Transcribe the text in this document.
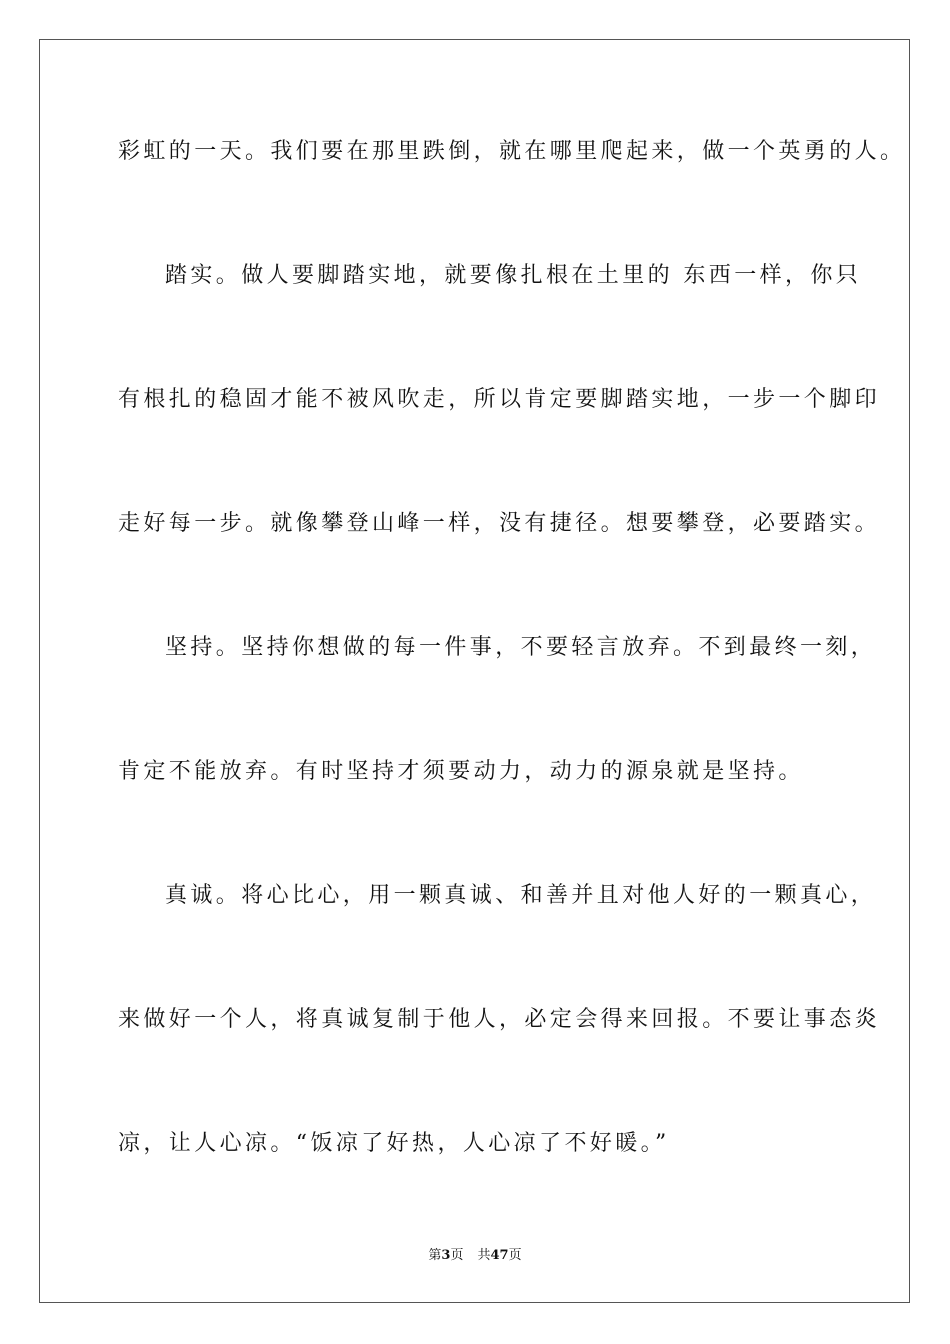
彩虹的一天。我们要在那里跌倒，就在哪里爬起来，做一个英勇的人。
踏实。做人要脚踏实地，就要像扎根在土里的 东西一样，你只
有根扎的稳固才能不被风吹走，所以肯定要脚踏实地，一步一个脚印
走好每一步。就像攀登山峰一样，没有捷径。想要攀登，必要踏实。
坚持。坚持你想做的每一件事，不要轻言放弃。不到最终一刻，
肯定不能放弃。有时坚持才须要动力，动力的源泉就是坚持。
真诚。将心比心，用一颗真诚、和善并且对他人好的一颗真心，
来做好一个人，将真诚复制于他人，必定会得来回报。不要让事态炎
凉，让人心凉。“饭凉了好热，人心凉了不好暖。”
第3页 共47页
